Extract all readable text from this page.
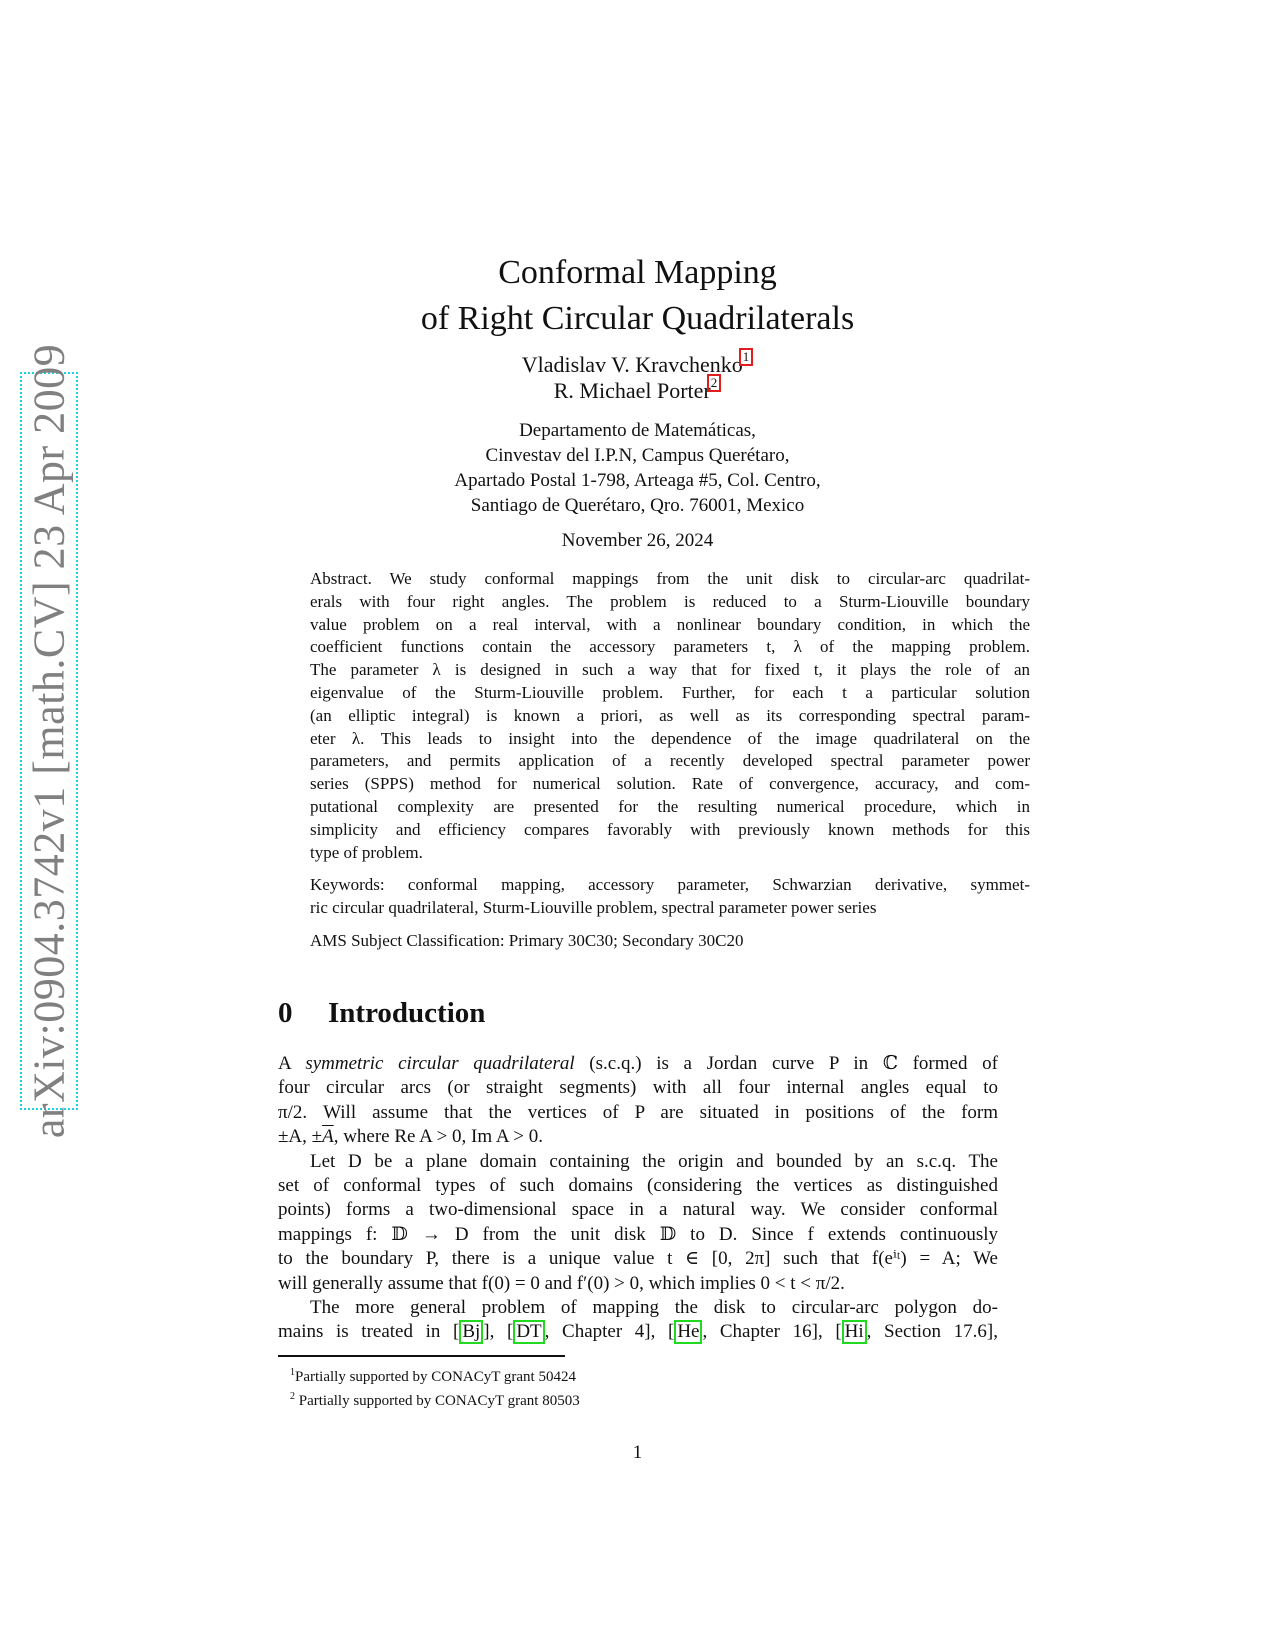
arXiv:0904.3742v1 [math.CV] 23 Apr 2009
Conformal Mapping
of Right Circular Quadrilaterals
Vladislav V. Kravchenko1
R. Michael Porter2
Departamento de Matemáticas,
Cinvestav del I.P.N, Campus Querétaro,
Apartado Postal 1-798, Arteaga #5, Col. Centro,
Santiago de Querétaro, Qro. 76001, Mexico
November 26, 2024

Abstract. We study conformal mappings from the unit disk to circular-arc quadrilat-
erals with four right angles. The problem is reduced to a Sturm-Liouville boundary
value problem on a real interval, with a nonlinear boundary condition, in which the
coefficient functions contain the accessory parameters t, λ of the mapping problem.
The parameter λ is designed in such a way that for fixed t, it plays the role of an
eigenvalue of the Sturm-Liouville problem. Further, for each t a particular solution
(an elliptic integral) is known a priori, as well as its corresponding spectral param-
eter λ. This leads to insight into the dependence of the image quadrilateral on the
parameters, and permits application of a recently developed spectral parameter power
series (SPPS) method for numerical solution. Rate of convergence, accuracy, and com-
putational complexity are presented for the resulting numerical procedure, which in
simplicity and efficiency compares favorably with previously known methods for this
type of problem.

Keywords: conformal mapping, accessory parameter, Schwarzian derivative, symmet-
ric circular quadrilateral, Sturm-Liouville problem, spectral parameter power series

AMS Subject Classification: Primary 30C30; Secondary 30C20

0 Introduction
A symmetric circular quadrilateral (s.c.q.) is a Jordan curve P in ℂ formed of
four circular arcs (or straight segments) with all four internal angles equal to
π/2. Will assume that the vertices of P are situated in positions of the form
±A, $\pm\overline{A}$, where Re A > 0, Im A > 0.
Let D be a plane domain containing the origin and bounded by an s.c.q. The
set of conformal types of such domains (considering the vertices as distinguished
points) forms a two-dimensional space in a natural way. We consider conformal
mappings f: 𝔻 → D from the unit disk 𝔻 to D. Since f extends continuously
to the boundary P, there is a unique value t ∈ [0, 2π] such that f(eⁱᵗ) = A; We
will generally assume that f(0) = 0 and f′(0) > 0, which implies 0 < t < π/2.
The more general problem of mapping the disk to circular-arc polygon do-
mains is treated in [ Bj ], [ DT , Chapter 4], [ He , Chapter 16], [ Hi , Section 17.6],
$^1$Partially supported by CONACyT grant 50424
$^2$ Partially supported by CONACyT grant 80503
1
